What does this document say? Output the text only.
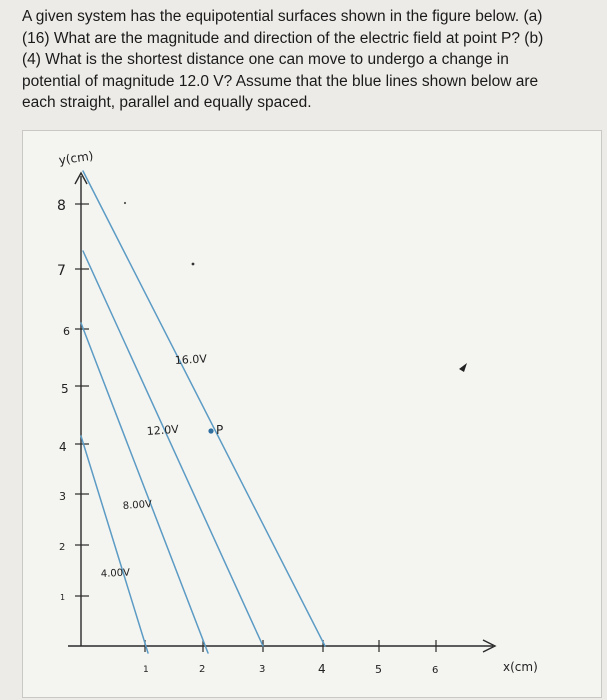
A given system has the equipotential surfaces shown in the figure below. (a)

(16) What are the magnitude and direction of the electric field at point P? (b)

(4) What is the shortest distance one can move to undergo a change in

potential of magnitude 12.0 V? Assume that the blue lines shown below are

each straight, parallel and equally spaced.

y(cm)
x(cm)
8
7
6
5
4
3
2
1
1	2	3	4	5	6
4.00V
8.00V
12.0V
16.0V
P
